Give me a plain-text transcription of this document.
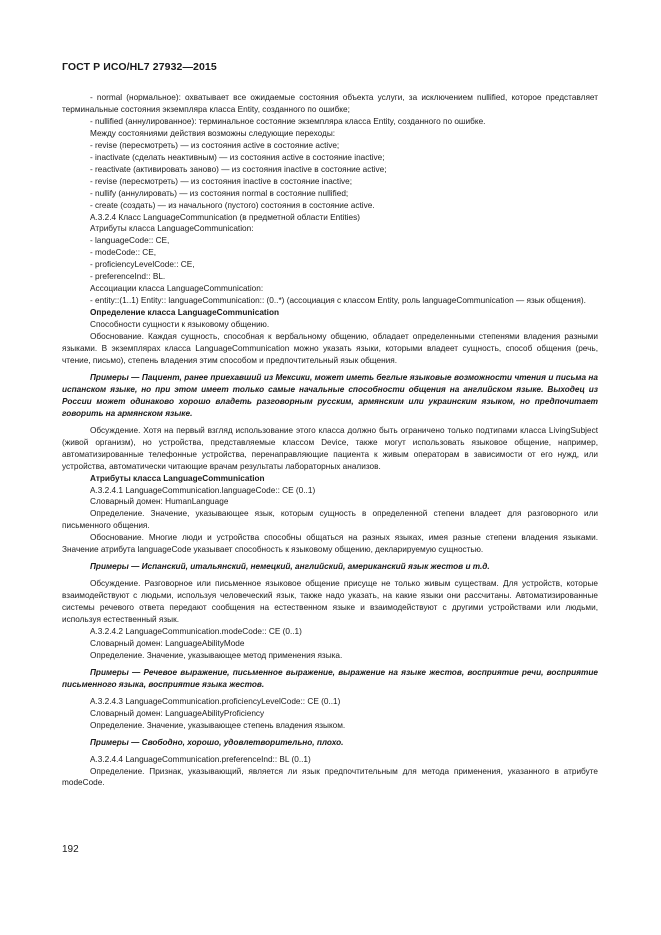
ГОСТ Р ИСО/HL7 27932—2015

- normal (нормальное): охватывает все ожидаемые состояния объекта услуги, за исключением nullified, которое представляет терминальные состояния экземпляра класса Entity, созданного по ошибке;

- nullified (аннулированное): терминальное состояние экземпляра класса Entity, созданного по ошибке.

Между состояниями действия возможны следующие переходы:

- revise (пересмотреть) — из состояния active в состояние active;

- inactivate (сделать неактивным) — из состояния active в состояние inactive;

- reactivate (активировать заново) — из состояния inactive в состояние active;

- revise (пересмотреть) — из состояния inactive в состояние inactive;

- nullify (аннулировать) — из состояния normal в состояние nullified;

- create (создать) — из начального (пустого) состояния в состояние active.

A.3.2.4 Класс LanguageCommunication (в предметной области Entities)

Атрибуты класса LanguageCommunication:

- languageCode:: CE,

- modeCode:: CE,

- proficiencyLevelCode:: CE,

- preferenceInd:: BL.

Ассоциации класса LanguageCommunication:

- entity::(1..1) Entity:: languageCommunication:: (0..*) (ассоциация с классом Entity, роль languageCommunication — язык общения).

Определение класса LanguageCommunication

Способности сущности к языковому общению.

Обоснование. Каждая сущность, способная к вербальному общению, обладает определенными степенями владения разными языками. В экземплярах класса LanguageCommunication можно указать языки, которыми владеет сущность, способ общения (речь, чтение, письмо), степень владения этим способом и предпочтительный язык общения.

Примеры — Пациент, ранее приехавший из Мексики, может иметь беглые языковые возможности чтения и письма на испанском языке, но при этом имеет только самые начальные способности общения на английском языке. Выходец из России может одинаково хорошо владеть разговорным русским, армянским или украинским языком, но предпочитает говорить на армянском языке.

Обсуждение. Хотя на первый взгляд использование этого класса должно быть ограничено только подтипами класса LivingSubject (живой организм), но устройства, представляемые классом Device, также могут использовать языковое общение, например, автоматизированные телефонные устройства, перенаправляющие пациента к живым операторам в зависимости от его нужд, или устройства, автоматически читающие врачам результаты лабораторных анализов.

Атрибуты класса LanguageCommunication

A.3.2.4.1 LanguageCommunication.languageCode:: CE (0..1)

Словарный домен: HumanLanguage

Определение. Значение, указывающее язык, которым сущность в определенной степени владеет для разговорного или письменного общения.

Обоснование. Многие люди и устройства способны общаться на разных языках, имея разные степени владения языками. Значение атрибута languageCode указывает способность к языковому общению, декларируемую сущностью.

Примеры — Испанский, итальянский, немецкий, английский, американский язык жестов и т.д.

Обсуждение. Разговорное или письменное языковое общение присуще не только живым существам. Для устройств, которые взаимодействуют с людьми, используя человеческий язык, также надо указать, на какие языки они рассчитаны. Автоматизированные системы речевого ответа передают сообщения на естественном языке и взаимодействуют с другими устройствами или людьми, используя естественный язык.

A.3.2.4.2 LanguageCommunication.modeCode:: CE (0..1)

Словарный домен: LanguageAbilityMode

Определение. Значение, указывающее метод применения языка.

Примеры — Речевое выражение, письменное выражение, выражение на языке жестов, восприятие речи, восприятие письменного языка, восприятие языка жестов.

A.3.2.4.3 LanguageCommunication.proficiencyLevelCode:: CE (0..1)

Словарный домен: LanguageAbilityProficiency

Определение. Значение, указывающее степень владения языком.

Примеры — Свободно, хорошо, удовлетворительно, плохо.

A.3.2.4.4 LanguageCommunication.preferenceInd:: BL (0..1)

Определение. Признак, указывающий, является ли язык предпочтительным для метода применения, указанного в атрибуте modeCode.

192
